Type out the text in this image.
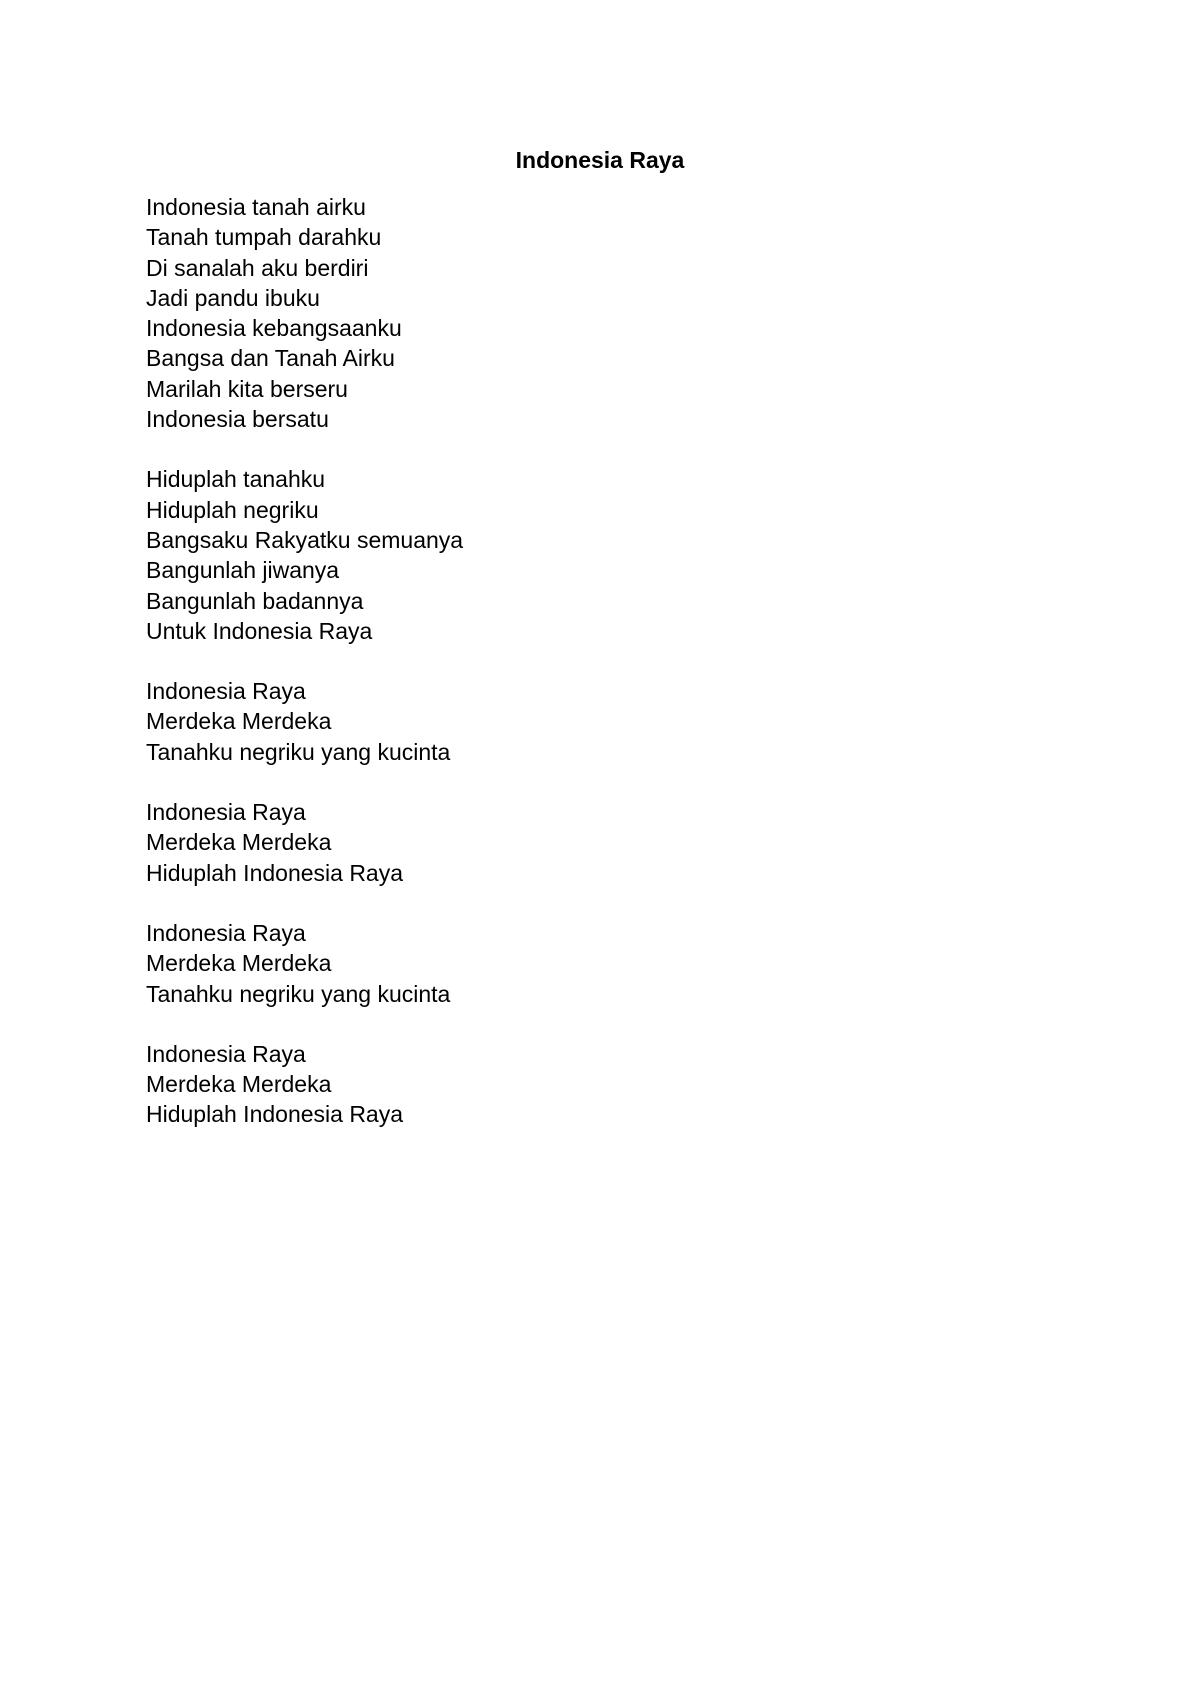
Indonesia Raya
Indonesia tanah airku
Tanah tumpah darahku
Di sanalah aku berdiri
Jadi pandu ibuku
Indonesia kebangsaanku
Bangsa dan Tanah Airku
Marilah kita berseru
Indonesia bersatu
Hiduplah tanahku
Hiduplah negriku
Bangsaku Rakyatku semuanya
Bangunlah jiwanya
Bangunlah badannya
Untuk Indonesia Raya
Indonesia Raya
Merdeka Merdeka
Tanahku negriku yang kucinta
Indonesia Raya
Merdeka Merdeka
Hiduplah Indonesia Raya
Indonesia Raya
Merdeka Merdeka
Tanahku negriku yang kucinta
Indonesia Raya
Merdeka Merdeka
Hiduplah Indonesia Raya
